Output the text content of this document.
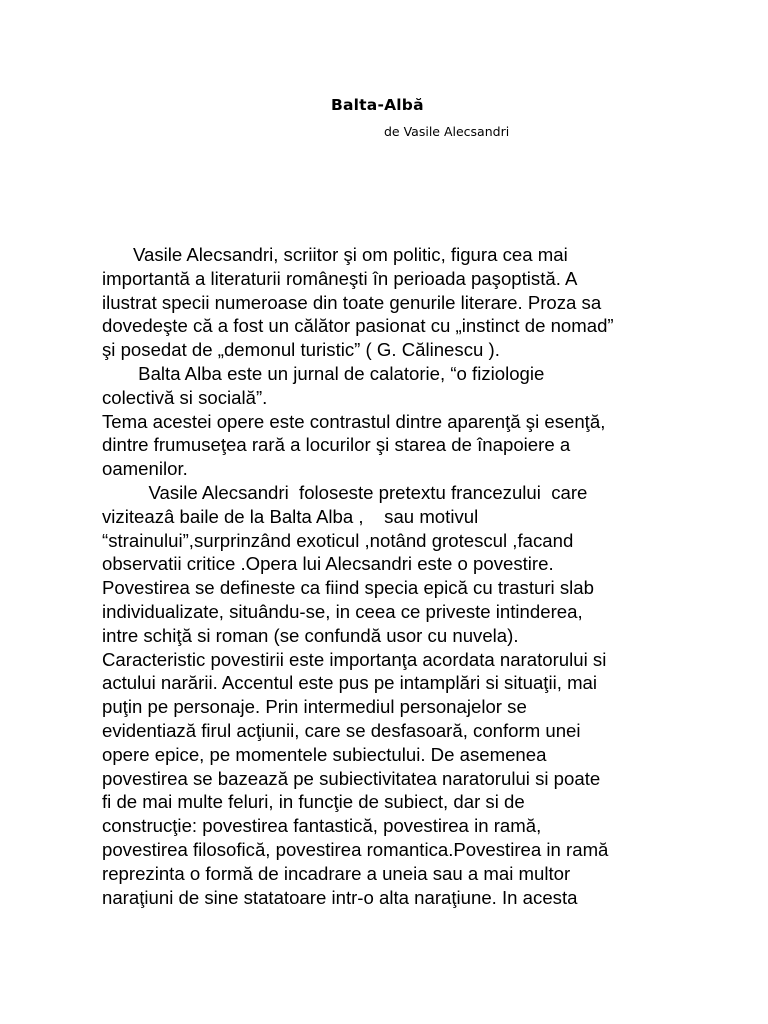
Balta-Albă
de Vasile Alecsandri
Vasile Alecsandri, scriitor şi om politic, figura cea mai
importantă a literaturii româneşti în perioada paşoptistă. A
ilustrat specii numeroase din toate genurile literare. Proza sa
dovedeşte că a fost un călător pasionat cu „instinct de nomad”
şi posedat de „demonul turistic” ( G. Călinescu ).
Balta Alba este un jurnal de calatorie, “o fiziologie
colectivă si socială”.
Tema acestei opere este contrastul dintre aparenţă şi esenţă,
dintre frumuseţea rară a locurilor şi starea de înapoiere a
oamenilor.
Vasile Alecsandri  foloseste pretextu francezului  care
viziteazâ baile de la Balta Alba ,    sau motivul
“strainului”,surprinzând exoticul ,notând grotescul ,facand
observatii critice .Opera lui Alecsandri este o povestire.
Povestirea se defineste ca fiind specia epică cu trasturi slab
individualizate, situându-se, in ceea ce priveste intinderea,
intre schiţă si roman (se confundă usor cu nuvela).
Caracteristic povestirii este importanţa acordata naratorului si
actului narării. Accentul este pus pe intamplări si situaţii, mai
puţin pe personaje. Prin intermediul personajelor se
evidentiază firul acţiunii, care se desfasoară, conform unei
opere epice, pe momentele subiectului. De asemenea
povestirea se bazează pe subiectivitatea naratorului si poate
fi de mai multe feluri, in funcţie de subiect, dar si de
construcţie: povestirea fantastică, povestirea in ramă,
povestirea filosofică, povestirea romantica.Povestirea in ramă
reprezinta o formă de incadrare a uneia sau a mai multor
naraţiuni de sine statatoare intr-o alta naraţiune. In acesta
